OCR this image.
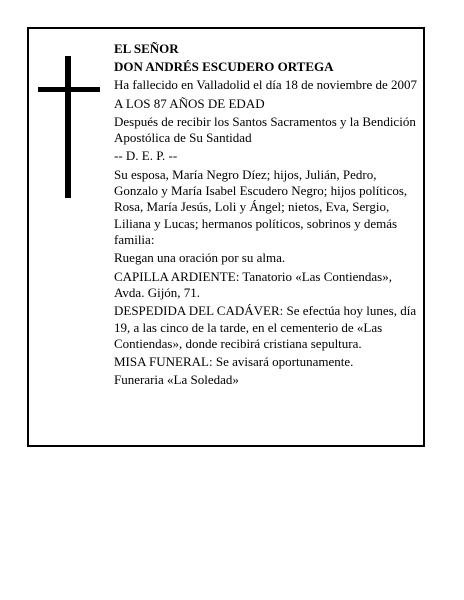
EL SEÑOR

DON ANDRÉS ESCUDERO ORTEGA

Ha fallecido en Valladolid el día 18 de noviembre de 2007

A LOS 87 AÑOS DE EDAD

Después de recibir los Santos Sacramentos y la Bendición Apostólica de Su Santidad

-- D. E. P. --

Su esposa, María Negro Díez; hijos, Julián, Pedro, Gonzalo y María Isabel Escudero Negro; hijos políticos, Rosa, María Jesús, Loli y Ángel; nietos, Eva, Sergio, Liliana y Lucas; hermanos políticos, sobrinos y demás familia:

Ruegan una oración por su alma.

CAPILLA ARDIENTE: Tanatorio «Las Contiendas», Avda. Gijón, 71.

DESPEDIDA DEL CADÁVER: Se efectúa hoy lunes, día 19, a las cinco de la tarde, en el cementerio de «Las Contiendas», donde recibirá cristiana sepultura.

MISA FUNERAL: Se avisará oportunamente.

Funeraria «La Soledad»
